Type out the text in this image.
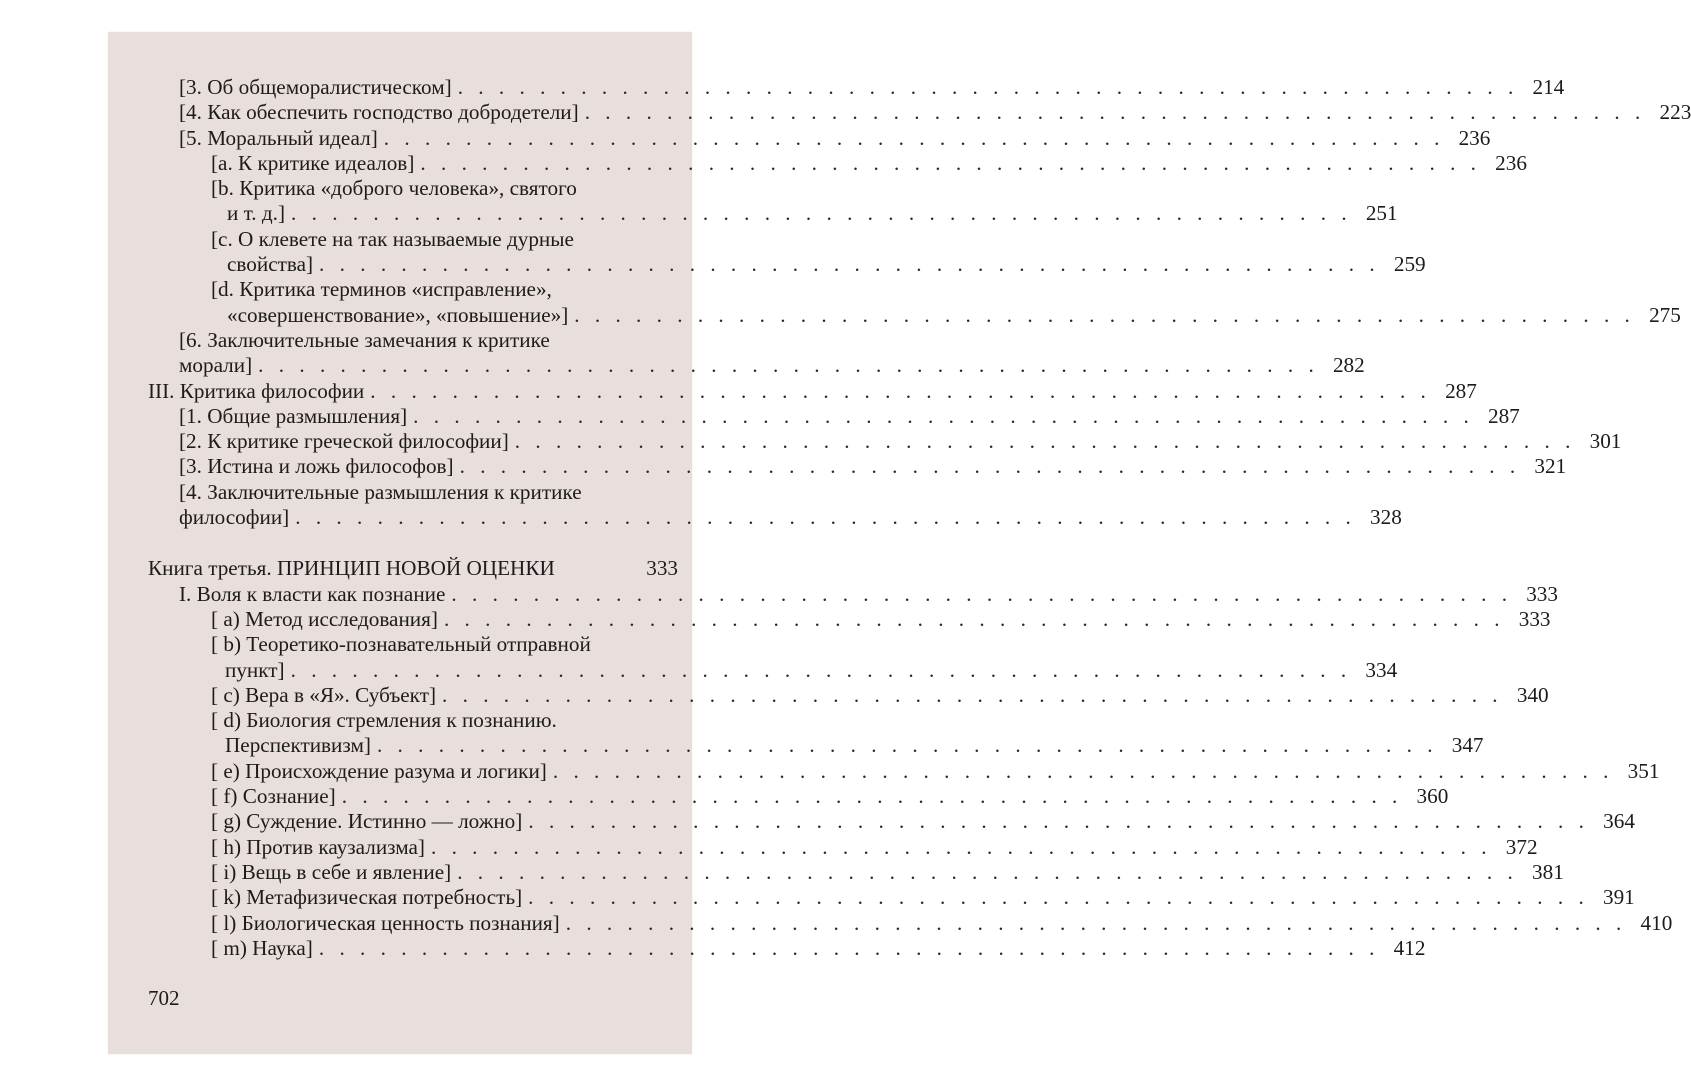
[3. Об общеморалистическом] . . . . . . . . . . . . . . . . . . . . . . . . . . . . . . . . . . . . . . . . . . . . . . . . . . . . 214
[4. Как обеспечить господство добродетели] . . . . . . . . . . . . . . . . . . . . . . . . . . . . . . . . . . . . . . . . . . . . . . . . . . . . 223
[5. Моральный идеал] . . . . . . . . . . . . . . . . . . . . . . . . . . . . . . . . . . . . . . . . . . . . . . . . . . . . 236
[a. К критике идеалов] . . . . . . . . . . . . . . . . . . . . . . . . . . . . . . . . . . . . . . . . . . . . . . . . . . . . 236
[b. Критика «доброго человека», святого
и т. д.] . . . . . . . . . . . . . . . . . . . . . . . . . . . . . . . . . . . . . . . . . . . . . . . . . . . . 251
[c. О клевете на так называемые дурные
свойства] . . . . . . . . . . . . . . . . . . . . . . . . . . . . . . . . . . . . . . . . . . . . . . . . . . . . 259
[d. Критика терминов «исправление»,
«совершенствование», «повышение»] . . . . . . . . . . . . . . . . . . . . . . . . . . . . . . . . . . . . . . . . . . . . . . . . . . . . 275
[6. Заключительные замечания к критике
морали] . . . . . . . . . . . . . . . . . . . . . . . . . . . . . . . . . . . . . . . . . . . . . . . . . . . . 282
III. Критика философии . . . . . . . . . . . . . . . . . . . . . . . . . . . . . . . . . . . . . . . . . . . . . . . . . . . . 287
[1. Общие размышления] . . . . . . . . . . . . . . . . . . . . . . . . . . . . . . . . . . . . . . . . . . . . . . . . . . . . 287
[2. К критике греческой философии] . . . . . . . . . . . . . . . . . . . . . . . . . . . . . . . . . . . . . . . . . . . . . . . . . . . . 301
[3. Истина и ложь философов] . . . . . . . . . . . . . . . . . . . . . . . . . . . . . . . . . . . . . . . . . . . . . . . . . . . . 321
[4. Заключительные размышления к критике
философии] . . . . . . . . . . . . . . . . . . . . . . . . . . . . . . . . . . . . . . . . . . . . . . . . . . . . 328
Книга третья. ПРИНЦИП НОВОЙ ОЦЕНКИ	333
I. Воля к власти как познание . . . . . . . . . . . . . . . . . . . . . . . . . . . . . . . . . . . . . . . . . . . . . . . . . . . . 333
[ a) Метод исследования] . . . . . . . . . . . . . . . . . . . . . . . . . . . . . . . . . . . . . . . . . . . . . . . . . . . . 333
[ b) Теоретико-познавательный отправной
пункт] . . . . . . . . . . . . . . . . . . . . . . . . . . . . . . . . . . . . . . . . . . . . . . . . . . . . 334
[ c) Вера в «Я». Субъект] . . . . . . . . . . . . . . . . . . . . . . . . . . . . . . . . . . . . . . . . . . . . . . . . . . . . 340
[ d) Биология стремления к познанию.
Перспективизм] . . . . . . . . . . . . . . . . . . . . . . . . . . . . . . . . . . . . . . . . . . . . . . . . . . . . 347
[ e) Происхождение разума и логики] . . . . . . . . . . . . . . . . . . . . . . . . . . . . . . . . . . . . . . . . . . . . . . . . . . . . 351
[ f) Сознание] . . . . . . . . . . . . . . . . . . . . . . . . . . . . . . . . . . . . . . . . . . . . . . . . . . . . 360
[ g) Суждение. Истинно — ложно] . . . . . . . . . . . . . . . . . . . . . . . . . . . . . . . . . . . . . . . . . . . . . . . . . . . . 364
[ h) Против каузализма] . . . . . . . . . . . . . . . . . . . . . . . . . . . . . . . . . . . . . . . . . . . . . . . . . . . . 372
[ i) Вещь в себе и явление] . . . . . . . . . . . . . . . . . . . . . . . . . . . . . . . . . . . . . . . . . . . . . . . . . . . . 381
[ k) Метафизическая потребность] . . . . . . . . . . . . . . . . . . . . . . . . . . . . . . . . . . . . . . . . . . . . . . . . . . . . 391
[ l) Биологическая ценность познания] . . . . . . . . . . . . . . . . . . . . . . . . . . . . . . . . . . . . . . . . . . . . . . . . . . . . 410
[ m) Наука] . . . . . . . . . . . . . . . . . . . . . . . . . . . . . . . . . . . . . . . . . . . . . . . . . . . . 412
702
